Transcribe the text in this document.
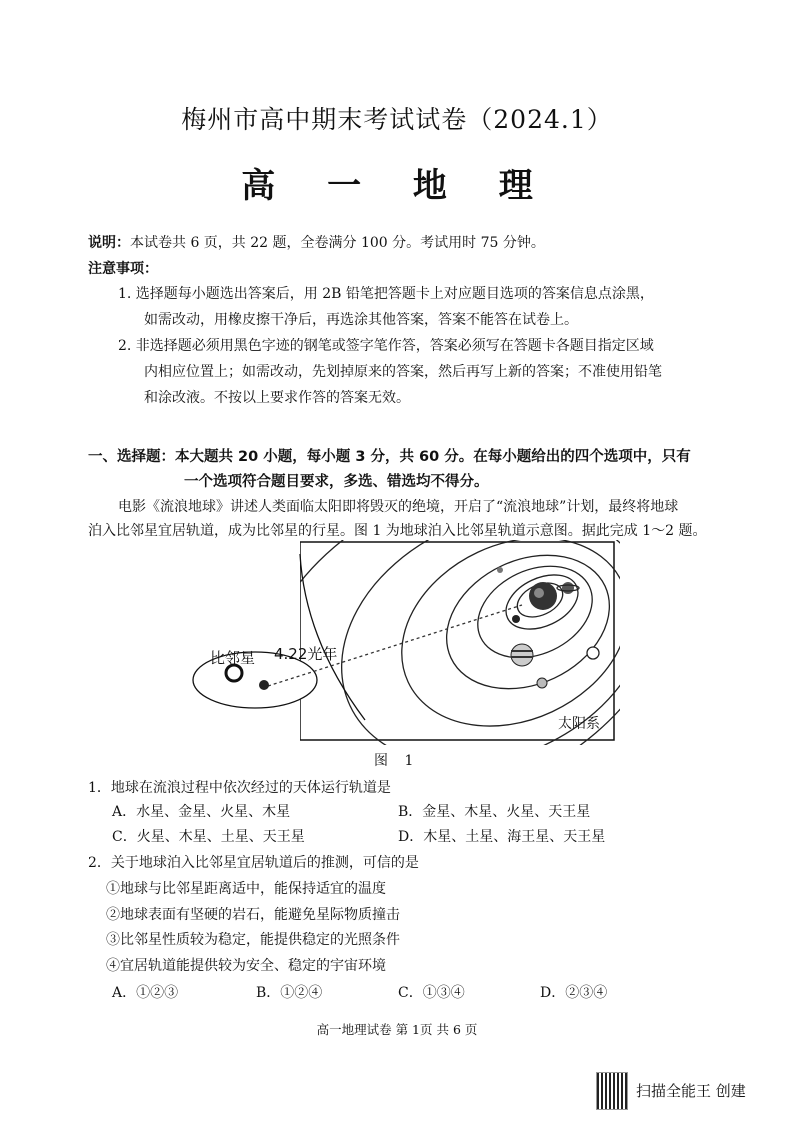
梅州市高中期末考试试卷（2024.1）
高 一 地 理
说明：本试卷共 6 页，共 22 题，全卷满分 100 分。考试用时 75 分钟。
注意事项：
1. 选择题每小题选出答案后，用 2B 铅笔把答题卡上对应题目选项的答案信息点涂黑，
如需改动，用橡皮擦干净后，再选涂其他答案，答案不能答在试卷上。
2. 非选择题必须用黑色字迹的钢笔或签字笔作答，答案必须写在答题卡各题目指定区域
内相应位置上；如需改动，先划掉原来的答案，然后再写上新的答案；不准使用铅笔
和涂改液。不按以上要求作答的答案无效。
一、选择题：本大题共 20 小题，每小题 3 分，共 60 分。在每小题给出的四个选项中，只有
一个选项符合题目要求，多选、错选均不得分。
电影《流浪地球》讲述人类面临太阳即将毁灭的绝境，开启了“流浪地球”计划，最终将地球
泊入比邻星宜居轨道，成为比邻星的行星。图 1 为地球泊入比邻星轨道示意图。据此完成 1～2 题。
比邻星 4.22光年
太阳系
图 1
1．地球在流浪过程中依次经过的天体运行轨道是
A．水星、金星、火星、木星	B．金星、木星、火星、天王星
C．火星、木星、土星、天王星	D．木星、土星、海王星、天王星
2．关于地球泊入比邻星宜居轨道后的推测，可信的是
①地球与比邻星距离适中，能保持适宜的温度
②地球表面有坚硬的岩石，能避免星际物质撞击
③比邻星性质较为稳定，能提供稳定的光照条件
④宜居轨道能提供较为安全、稳定的宇宙环境
A．①②③	B．①②④	C．①③④	D．②③④
高一地理试卷 第 1页 共 6 页
扫描全能王 创建
